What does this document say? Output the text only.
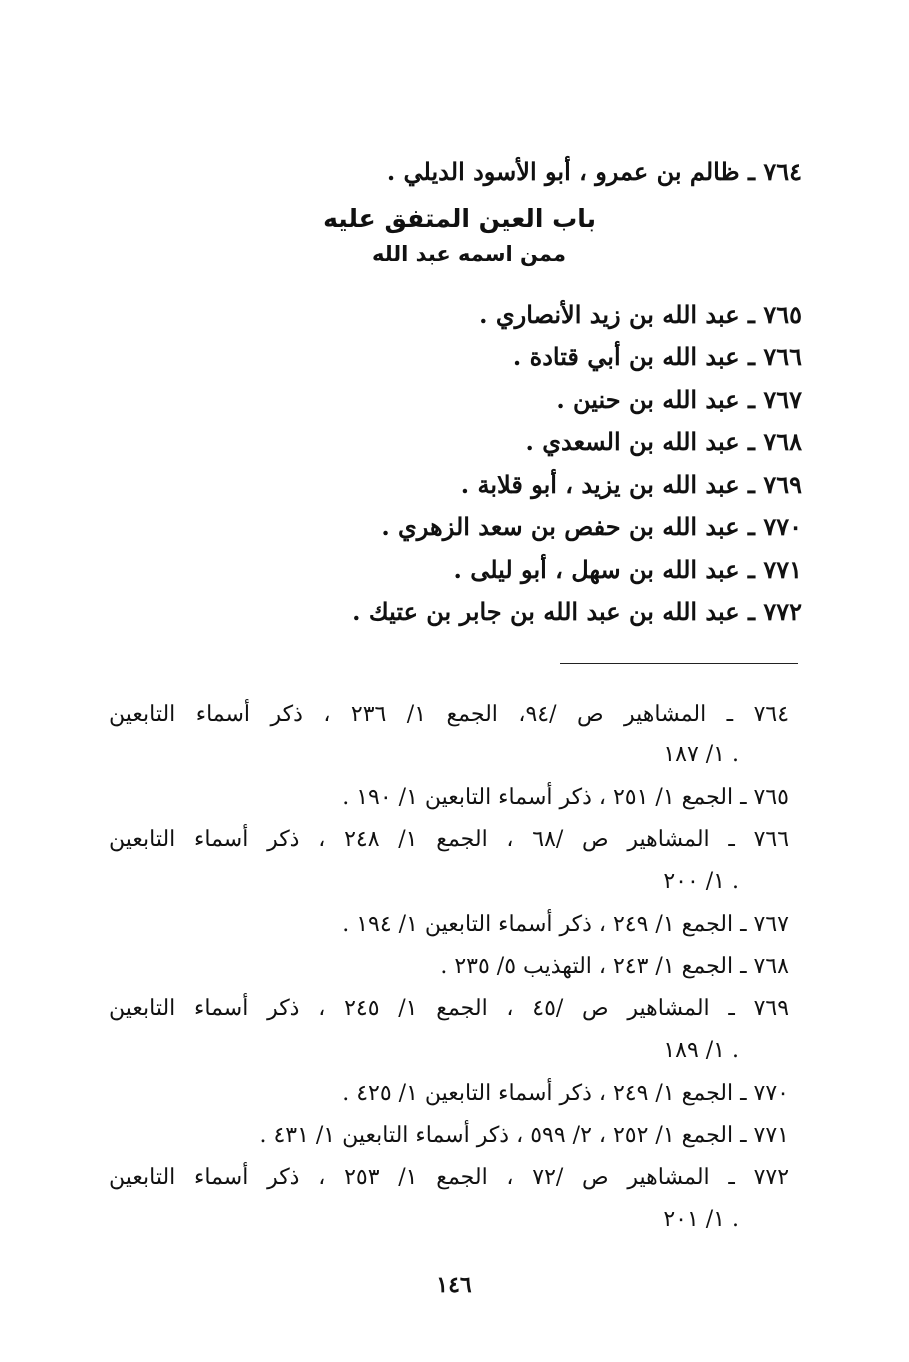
٧٦٤ ـ ظالم بن عمرو ، أبو الأسود الديلي .
باب العين المتفق عليه
ممن اسمه عبد الله
٧٦٥ ـ عبد الله بن زيد الأنصاري .
٧٦٦ ـ عبد الله بن أبي قتادة .
٧٦٧ ـ عبد الله بن حنين .
٧٦٨ ـ عبد الله بن السعدي .
٧٦٩ ـ عبد الله بن يزيد ، أبو قلابة .
٧٧٠ ـ عبد الله بن حفص بن سعد الزهري .
٧٧١ ـ عبد الله بن سهل ، أبو ليلى .
٧٧٢ ـ عبد الله بن عبد الله بن جابر بن عتيك .
٧٦٤ ـ المشاهير ص /٩٤، الجمع ١/ ٢٣٦ ، ذكر أسماء التابعين
١/ ١٨٧ .
٧٦٥ ـ الجمع ١/ ٢٥١ ، ذكر أسماء التابعين ١/ ١٩٠ .
٧٦٦ ـ المشاهير ص /٦٨ ، الجمع ١/ ٢٤٨ ، ذكر أسماء التابعين
١/ ٢٠٠ .
٧٦٧ ـ الجمع ١/ ٢٤٩ ، ذكر أسماء التابعين ١/ ١٩٤ .
٧٦٨ ـ الجمع ١/ ٢٤٣ ، التهذيب ٥/ ٢٣٥ .
٧٦٩ ـ المشاهير ص /٤٥ ، الجمع ١/ ٢٤٥ ، ذكر أسماء التابعين
١/ ١٨٩ .
٧٧٠ ـ الجمع ١/ ٢٤٩ ، ذكر أسماء التابعين ١/ ٤٢٥ .
٧٧١ ـ الجمع ١/ ٢٥٢ ، ٢/ ٥٩٩ ، ذكر أسماء التابعين ١/ ٤٣١ .
٧٧٢ ـ المشاهير ص /٧٢ ، الجمع ١/ ٢٥٣ ، ذكر أسماء التابعين
١/ ٢٠١ .
١٤٦
